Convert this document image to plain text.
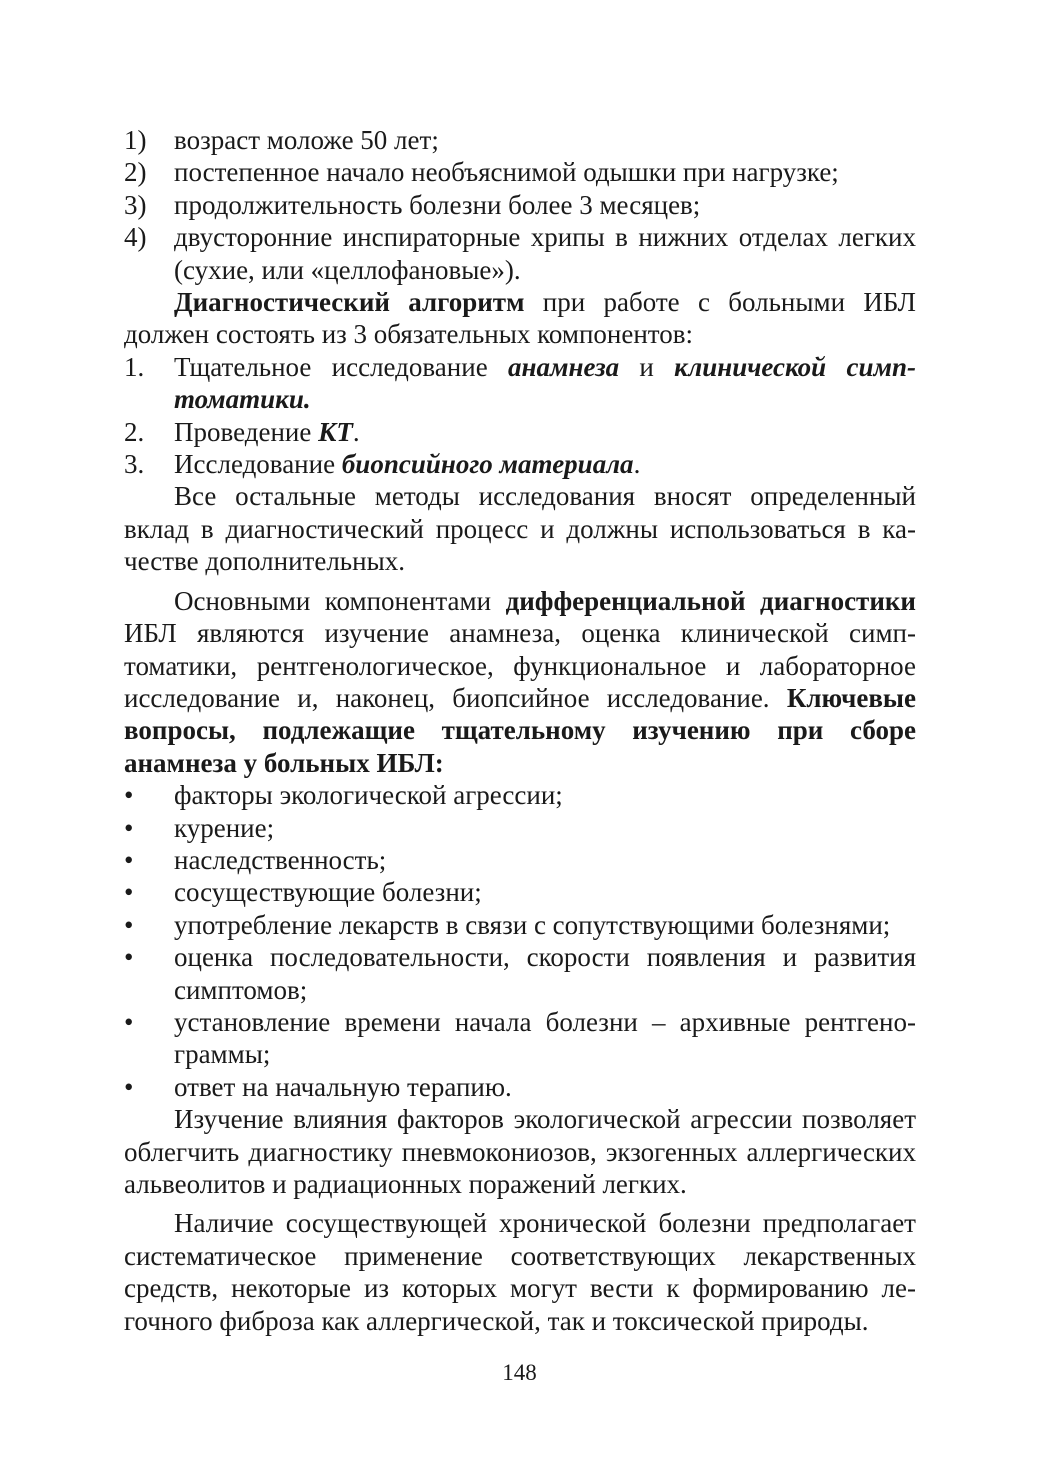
1)	возраст моложе 50 лет;
2)	постепенное начало необъяснимой одышки при нагрузке;
3)	продолжительность болезни более 3 месяцев;
4)	двусторонние инспираторные хрипы в нижних отделах легких (сухие, или «целлофановые»).

Диагностический алгоритм при работе с больными ИБЛ должен состоять из 3 обязательных компонентов:

1.	Тщательное исследование анамнеза и клинической симптоматики.
2.	Проведение КТ.
3.	Исследование биопсийного материала.

Все остальные методы исследования вносят определенный вклад в диагностический процесс и должны использоваться в качестве дополнительных.

Основными компонентами дифференциальной диагностики ИБЛ являются изучение анамнеза, оценка клинической симптоматики, рентгенологическое, функциональное и лабораторное исследование и, наконец, биопсийное исследование. Ключевые вопросы, подлежащие тщательному изучению при сборе анамнеза у больных ИБЛ:

•	факторы экологической агрессии;
•	курение;
•	наследственность;
•	сосуществующие болезни;
•	употребление лекарств в связи с сопутствующими болезнями;
•	оценка последовательности, скорости появления и развития симптомов;
•	установление времени начала болезни – архивные рентгенограммы;
•	ответ на начальную терапию.

Изучение влияния факторов экологической агрессии позволяет облегчить диагностику пневмокониозов, экзогенных аллергических альвеолитов и радиационных поражений легких.

Наличие сосуществующей хронической болезни предполагает систематическое применение соответствующих лекарственных средств, некоторые из которых могут вести к формированию легочного фиброза как аллергической, так и токсической природы.

148
